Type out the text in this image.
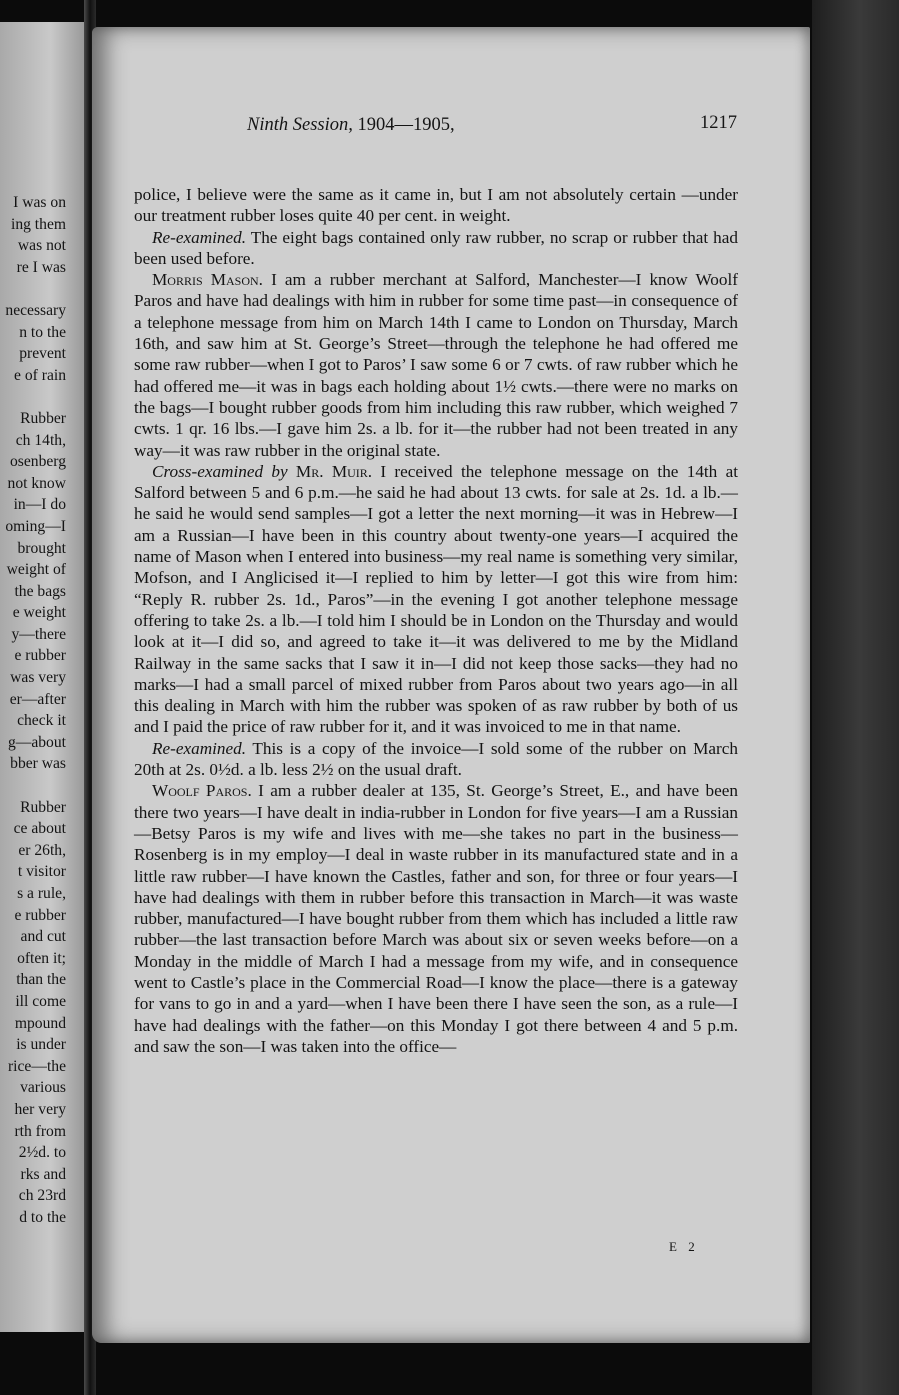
I was on
ing them
was not
re I was
necessary
n to the
prevent
e of rain
Rubber
ch 14th,
osenberg
not know
in—I do
oming—I
brought
weight of
the bags
e weight
y—there
e rubber
was very
er—after
check it
g—about
bber was
Rubber
ce about
er 26th,
t visitor
s a rule,
e rubber
and cut
often it;
than the
ill come
mpound
is under
rice—the
various
her very
rth from
2½d. to
rks and
ch 23rd
d to the
Ninth Session, 1904—1905,	1217

police, I believe were the same as it came in, but I am not absolutely certain —under our treatment rubber loses quite 40 per cent. in weight.

Re-examined. The eight bags contained only raw rubber, no scrap or rubber that had been used before.

Morris Mason. I am a rubber merchant at Salford, Manchester—I know Woolf Paros and have had dealings with him in rubber for some time past—in consequence of a telephone message from him on March 14th I came to London on Thursday, March 16th, and saw him at St. George’s Street—through the telephone he had offered me some raw rubber—when I got to Paros’ I saw some 6 or 7 cwts. of raw rubber which he had offered me—it was in bags each holding about 1½ cwts.—there were no marks on the bags—I bought rubber goods from him including this raw rubber, which weighed 7 cwts. 1 qr. 16 lbs.—I gave him 2s. a lb. for it—the rubber had not been treated in any way—it was raw rubber in the original state.

Cross-examined by Mr. Muir. I received the telephone message on the 14th at Salford between 5 and 6 p.m.—he said he had about 13 cwts. for sale at 2s. 1d. a lb.—he said he would send samples—I got a letter the next morning—it was in Hebrew—I am a Russian—I have been in this country about twenty-one years—I acquired the name of Mason when I entered into business—my real name is something very similar, Mofson, and I Anglicised it—I replied to him by letter—I got this wire from him: “Reply R. rubber 2s. 1d., Paros”—in the evening I got another telephone message offering to take 2s. a lb.—I told him I should be in London on the Thursday and would look at it—I did so, and agreed to take it—it was delivered to me by the Midland Railway in the same sacks that I saw it in—I did not keep those sacks—they had no marks—I had a small parcel of mixed rubber from Paros about two years ago—in all this dealing in March with him the rubber was spoken of as raw rubber by both of us and I paid the price of raw rubber for it, and it was invoiced to me in that name.

Re-examined. This is a copy of the invoice—I sold some of the rubber on March 20th at 2s. 0½d. a lb. less 2½ on the usual draft.

Woolf Paros. I am a rubber dealer at 135, St. George’s Street, E., and have been there two years—I have dealt in india-rubber in London for five years—I am a Russian—Betsy Paros is my wife and lives with me—she takes no part in the business—Rosenberg is in my employ—I deal in waste rubber in its manufactured state and in a little raw rubber—I have known the Castles, father and son, for three or four years—I have had dealings with them in rubber before this transaction in March—it was waste rubber, manufactured—I have bought rubber from them which has included a little raw rubber—the last transaction before March was about six or seven weeks before—on a Monday in the middle of March I had a message from my wife, and in consequence went to Castle’s place in the Commercial Road—I know the place—there is a gateway for vans to go in and a yard—when I have been there I have seen the son, as a rule—I have had dealings with the father—on this Monday I got there between 4 and 5 p.m. and saw the son—I was taken into the office—

E 2
